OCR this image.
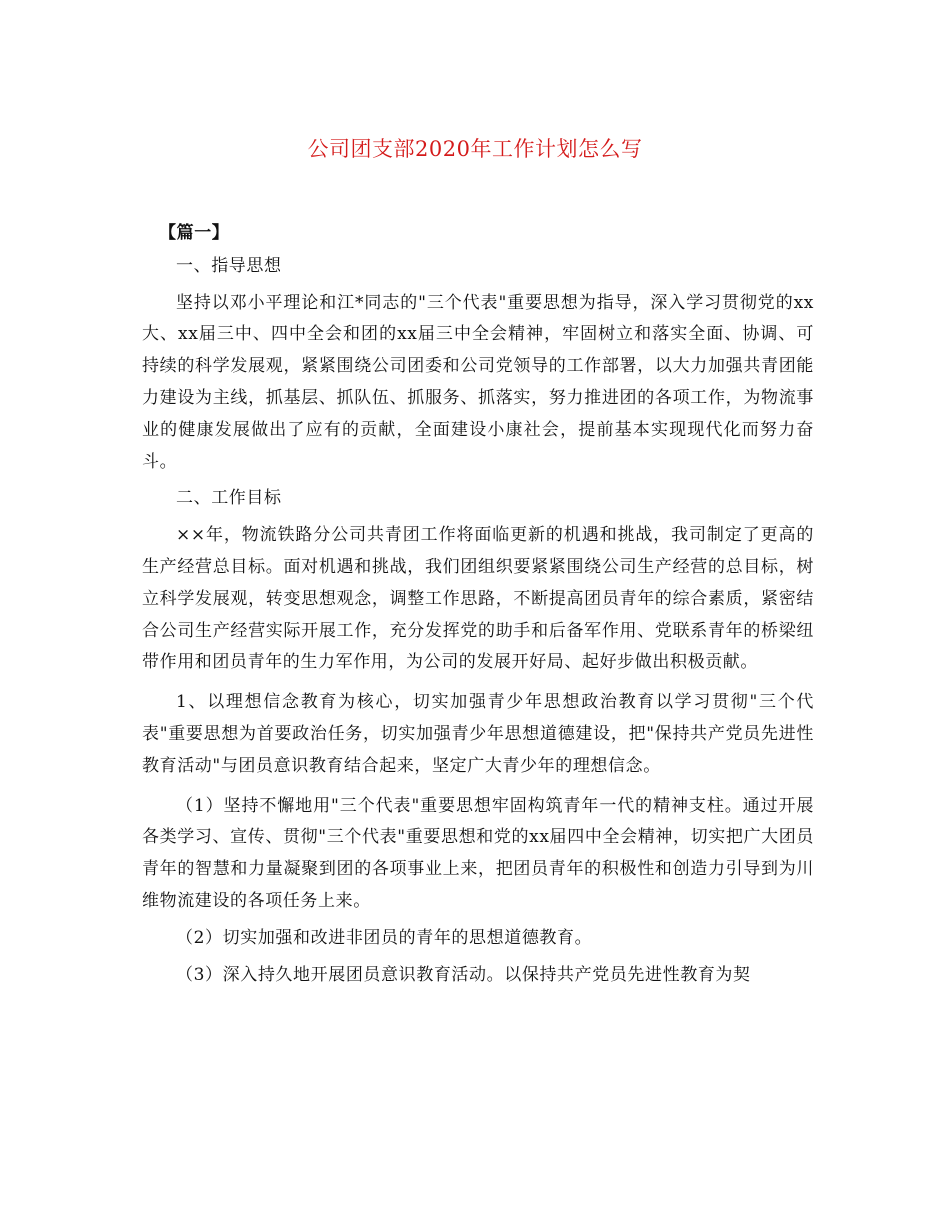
公司团支部2020年工作计划怎么写

【篇一】

一、指导思想

坚持以邓小平理论和江*同志的"三个代表"重要思想为指导，深入学习贯彻党的xx大、xx届三中、四中全会和团的xx届三中全会精神，牢固树立和落实全面、协调、可持续的科学发展观，紧紧围绕公司团委和公司党领导的工作部署，以大力加强共青团能力建设为主线，抓基层、抓队伍、抓服务、抓落实，努力推进团的各项工作，为物流事业的健康发展做出了应有的贡献，全面建设小康社会，提前基本实现现代化而努力奋斗。

二、工作目标

××年，物流铁路分公司共青团工作将面临更新的机遇和挑战，我司制定了更高的生产经营总目标。面对机遇和挑战，我们团组织要紧紧围绕公司生产经营的总目标，树立科学发展观，转变思想观念，调整工作思路，不断提高团员青年的综合素质，紧密结合公司生产经营实际开展工作，充分发挥党的助手和后备军作用、党联系青年的桥梁纽带作用和团员青年的生力军作用，为公司的发展开好局、起好步做出积极贡献。

1、以理想信念教育为核心，切实加强青少年思想政治教育以学习贯彻"三个代表"重要思想为首要政治任务，切实加强青少年思想道德建设，把"保持共产党员先进性教育活动"与团员意识教育结合起来，坚定广大青少年的理想信念。

（1）坚持不懈地用"三个代表"重要思想牢固构筑青年一代的精神支柱。通过开展各类学习、宣传、贯彻"三个代表"重要思想和党的xx届四中全会精神，切实把广大团员青年的智慧和力量凝聚到团的各项事业上来，把团员青年的积极性和创造力引导到为川维物流建设的各项任务上来。

（2）切实加强和改进非团员的青年的思想道德教育。

（3）深入持久地开展团员意识教育活动。以保持共产党员先进性教育为契
